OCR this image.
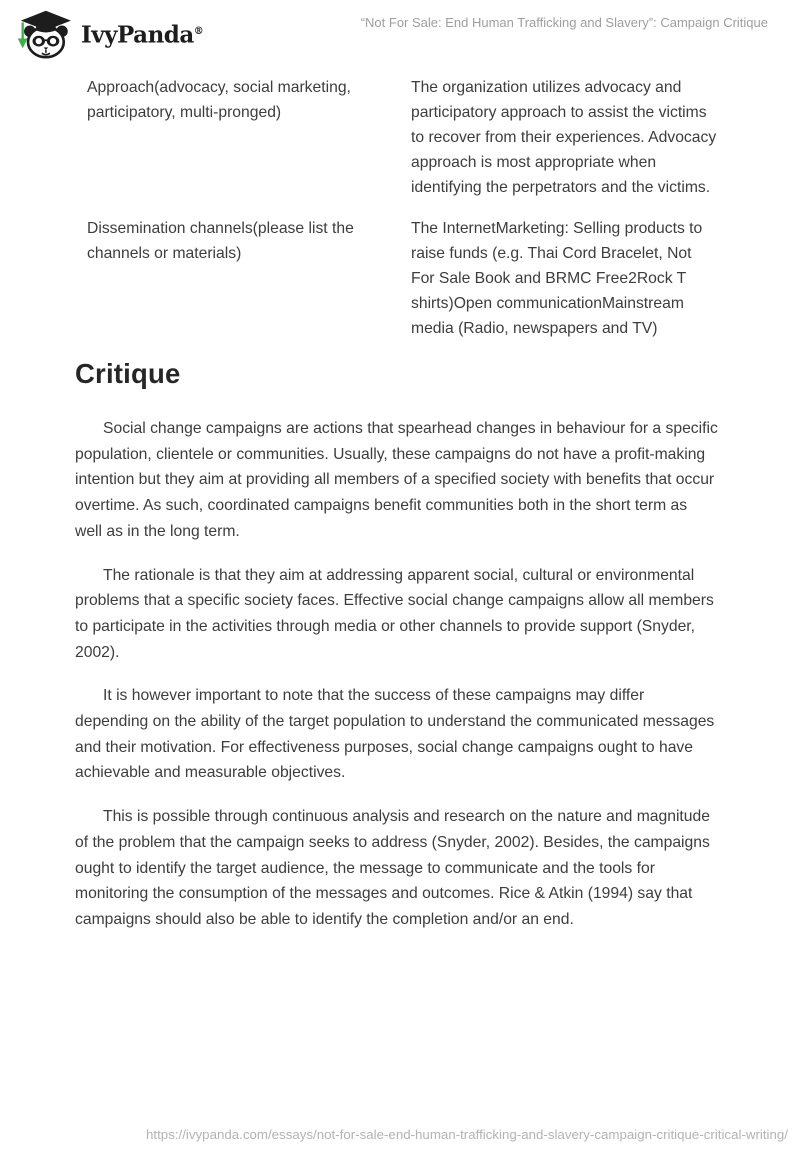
IvyPanda®
“Not For Sale: End Human Trafficking and Slavery”: Campaign Critique
Approach(advocacy, social marketing, participatory, multi-pronged)
The organization utilizes advocacy and participatory approach to assist the victims to recover from their experiences. Advocacy approach is most appropriate when identifying the perpetrators and the victims.
Dissemination channels(please list the channels or materials)
The InternetMarketing: Selling products to raise funds (e.g. Thai Cord Bracelet, Not For Sale Book and BRMC Free2Rock T shirts)Open communicationMainstream media (Radio, newspapers and TV)
Critique

Social change campaigns are actions that spearhead changes in behaviour for a specific population, clientele or communities. Usually, these campaigns do not have a profit-making intention but they aim at providing all members of a specified society with benefits that occur overtime. As such, coordinated campaigns benefit communities both in the short term as well as in the long term.

The rationale is that they aim at addressing apparent social, cultural or environmental problems that a specific society faces. Effective social change campaigns allow all members to participate in the activities through media or other channels to provide support (Snyder, 2002).

It is however important to note that the success of these campaigns may differ depending on the ability of the target population to understand the communicated messages and their motivation. For effectiveness purposes, social change campaigns ought to have achievable and measurable objectives.

This is possible through continuous analysis and research on the nature and magnitude of the problem that the campaign seeks to address (Snyder, 2002). Besides, the campaigns ought to identify the target audience, the message to communicate and the tools for monitoring the consumption of the messages and outcomes. Rice & Atkin (1994) say that campaigns should also be able to identify the completion and/or an end.

https://ivypanda.com/essays/not-for-sale-end-human-trafficking-and-slavery-campaign-critique-critical-writing/
